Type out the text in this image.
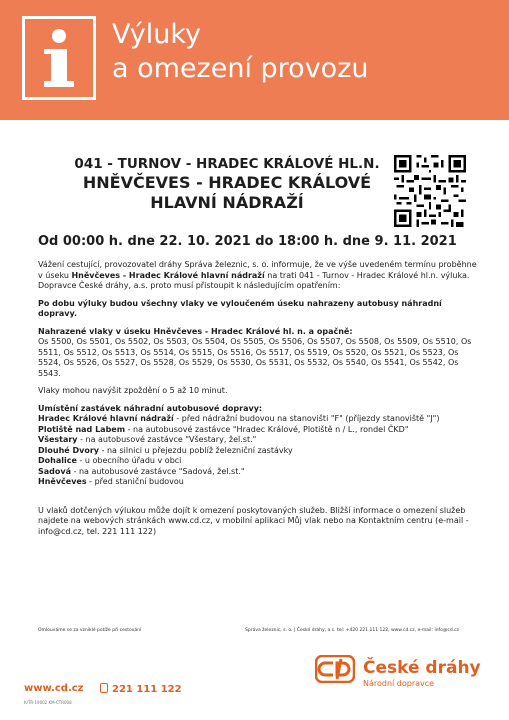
Výluky
a omezení provozu
041 - TURNOV - HRADEC KRÁLOVÉ HL.N.
HNĚVČEVES - HRADEC KRÁLOVÉ
HLAVNÍ NÁDRAŽÍ
Od 00:00 h. dne 22. 10. 2021 do 18:00 h. dne 9. 11. 2021

Vážení cestující, provozovatel dráhy Správa železnic, s. o. informuje, že ve výše uvedeném termínu proběhne v úseku Hněvčeves - Hradec Králové hlavní nádraží na trati 041 - Turnov - Hradec Králové hl.n. výluka. Dopravce České dráhy, a.s. proto musí přistoupit k následujícím opatřením:

Po dobu výluky budou všechny vlaky ve vyloučeném úseku nahrazeny autobusy náhradní dopravy.

Nahrazené vlaky v úseku Hněvčeves - Hradec Králové hl. n. a opačně:
Os 5500, Os 5501, Os 5502, Os 5503, Os 5504, Os 5505, Os 5506, Os 5507, Os 5508, Os 5509, Os 5510, Os 5511, Os 5512, Os 5513, Os 5514, Os 5515, Os 5516, Os 5517, Os 5519, Os 5520, Os 5521, Os 5523, Os 5524, Os 5526, Os 5527, Os 5528, Os 5529, Os 5530, Os 5531, Os 5532, Os 5540, Os 5541, Os 5542, Os 5543.

Vlaky mohou navýšit zpoždění o 5 až 10 minut.

Umístění zastávek náhradní autobusové dopravy:
Hradec Králové hlavní nádraží - před nádražní budovou na stanovišti "F" (příjezdy stanoviště "J")
Plotiště nad Labem - na autobusové zastávce "Hradec Králové, Plotiště n / L., rondel ČKD"
Všestary - na autobusové zastávce "Všestary, žel.st."
Dlouhé Dvory - na silnici u přejezdu poblíž železniční zastávky
Dohalice - u obecního úřadu v obci
Sadová - na autobusové zastávce "Sadová, žel.st."
Hněvčeves - před staniční budovou

U vlaků dotčených výlukou může dojít k omezení poskytovaných služeb. Bližší informace o omezení služeb najdete na webových stránkách www.cd.cz, v mobilní aplikaci Můj vlak nebo na Kontaktním centru (e-mail - info@cd.cz, tel. 221 111 122)

Omlouváme se za vzniklé potíže při cestování	Správa železnic, s. o. | České dráhy, a.s. tel: +420 221 111 122, www.cd.cz, e-mail: info@cd.cz
České dráhy
Národní dopravce
www.cd.cz	221 111 122
K/TR-19002 KM-CTR008
